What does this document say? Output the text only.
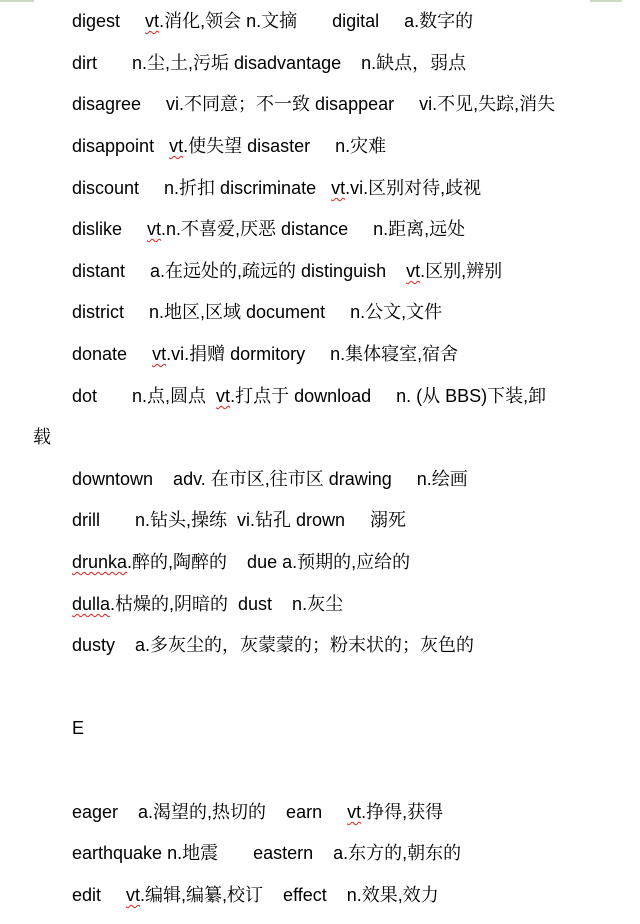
digest     vt.消化,领会 n.文摘       digital     a.数字的
dirt       n.尘,土,污垢 disadvantage    n.缺点，弱点
disagree     vi.不同意；不一致 disappear     vi.不见,失踪,消失
disappoint   vt.使失望 disaster     n.灾难
discount     n.折扣 discriminate   vt.vi.区别对待,歧视
dislike     vt.n.不喜爱,厌恶 distance     n.距离,远处
distant     a.在远处的,疏远的 distinguish    vt.区别,辨别
district     n.地区,区域 document     n.公文,文件
donate     vt.vi.捐赠 dormitory     n.集体寝室,宿舍
dot       n.点,圆点  vt.打点于 download     n. (从 BBS)下装,卸
载
downtown    adv. 在市区,往市区 drawing     n.绘画
drill       n.钻头,操练  vi.钻孔 drown     溺死
drunka.醉的,陶醉的    due a.预期的,应给的
dulla.枯燥的,阴暗的  dust    n.灰尘
dusty    a.多灰尘的，灰蒙蒙的；粉末状的；灰色的
E
eager    a.渴望的,热切的    earn     vt.挣得,获得
earthquake n.地震       eastern    a.东方的,朝东的
edit     vt.编辑,编纂,校订    effect    n.效果,效力
